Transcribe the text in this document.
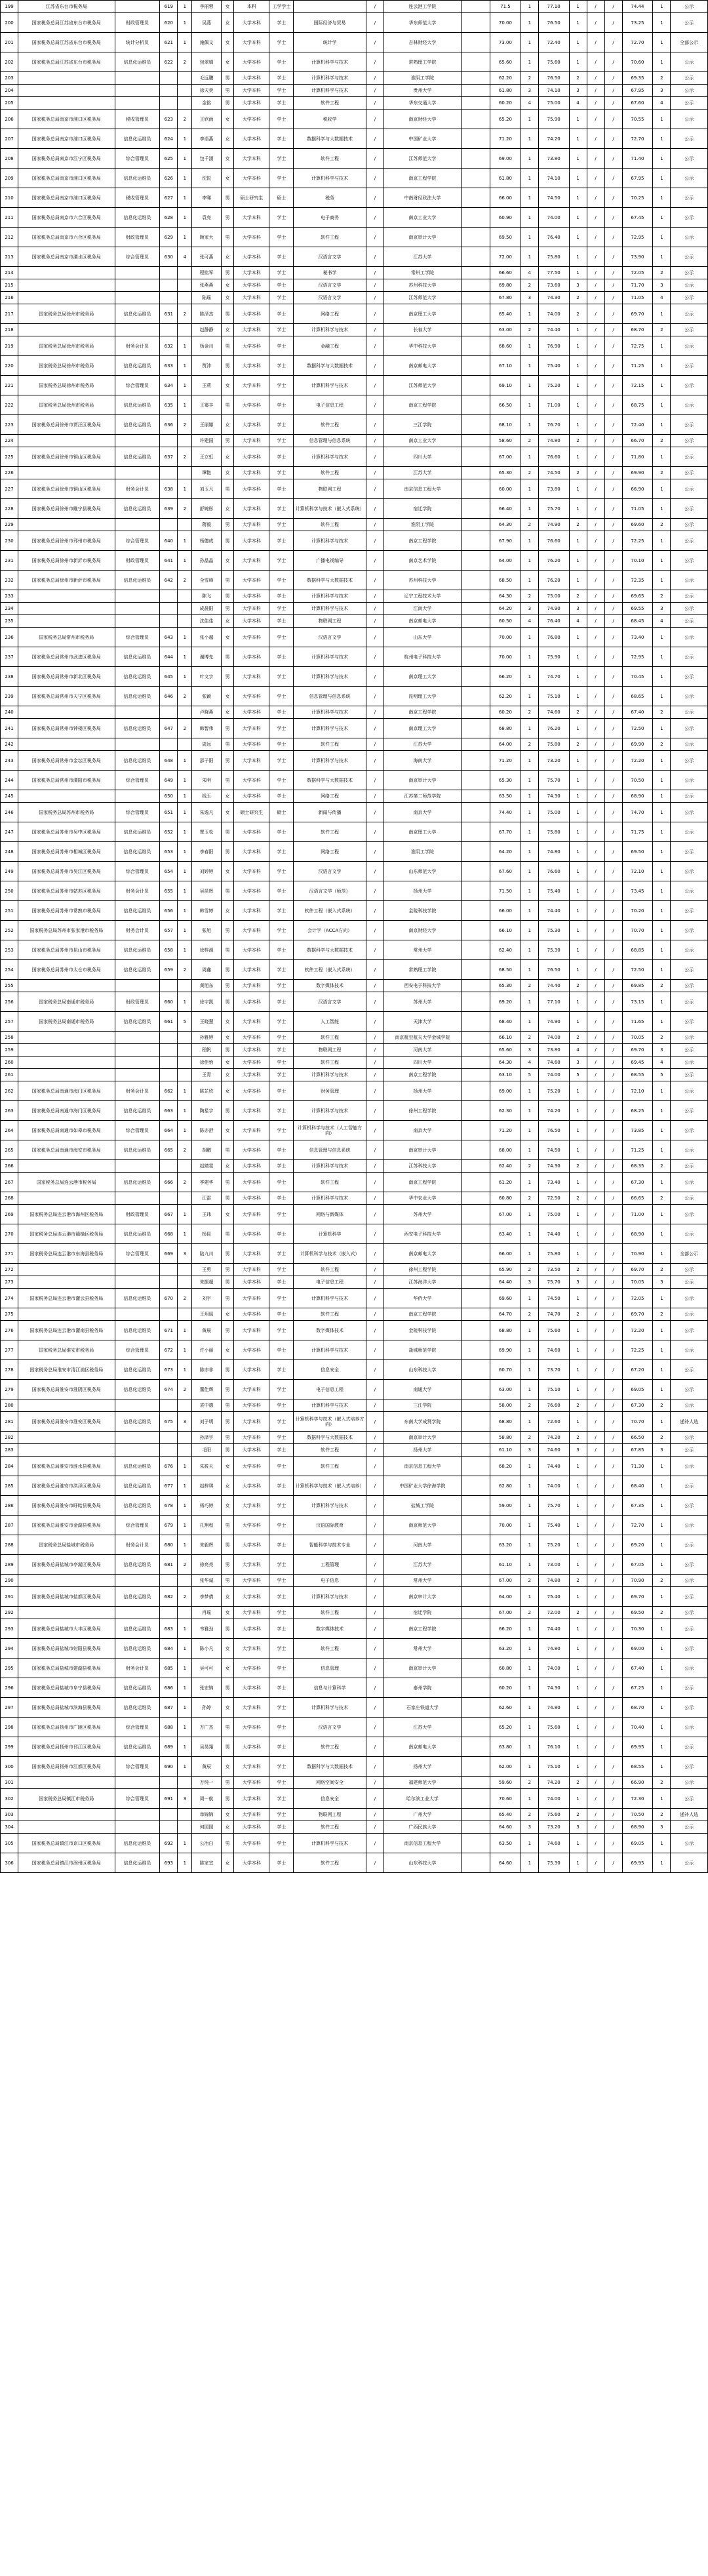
199	江苏省东台市税务局		619	1	李丽蓉	女	本科	工学学士		/	连云港工学院		71.5	1	77.10	1	/	/	74.44	1	公示
200	国家税务总局江苏省东台市税务局	财政管理员	620	1	吴燕	女	大学本科	学士	国际经济与贸易	/	华东师范大学		70.00	1	76.50	1	/	/	73.25	1	公示
201	国家税务总局江苏省东台市税务局	统计分析员	621	1	施佩文	女	大学本科	学士	统计学	/	吉林财经大学		73.00	1	72.40	1	/	/	72.70	1	全部公示
202	国家税务总局江苏省东台市税务局	信息化运维员	622	2	包翠娟	女	大学本科	学士	计算机科学与技术	/	常熟理工学院		65.60	1	75.60	1	/	/	70.60	1	公示
203					毛远鹏	男	大学本科	学士	计算机科学与技术	/	淮阴工学院		62.20	2	76.50	2	/	/	69.35	2	公示
204					徐天奕	男	大学本科	学士	计算机科学与技术	/	贵州大学		61.80	3	74.10	3	/	/	67.95	3	公示
205					金铭	男	大学本科	学士	软件工程	/	华东交通大学		60.20	4	75.00	4	/	/	67.60	4	公示
206	国家税务总局南京市浦口区税务局	税收管理员	623	2	王欣雨	女	大学本科	学士	税收学	/	南京财经大学		65.20	1	75.90	1	/	/	70.55	1	公示
207	国家税务总局南京市浦口区税务局	信息化运维员	624	1	李语燕	女	大学本科	学士	数据科学与大数据技术	/	中国矿业大学		71.20	1	74.20	1	/	/	72.70	1	公示
208	国家税务总局南京市江宁区税务局	综合管理员	625	1	包千涵	女	大学本科	学士	软件工程	/	江苏师范大学		69.00	1	73.80	1	/	/	71.40	1	公示
209	国家税务总局南京市浦口区税务局	信息化运维员	626	1	沈悦	女	大学本科	学士	计算机科学与技术	/	南京工程学院		61.80	1	74.10	1	/	/	67.95	1	公示
210	国家税务总局南京市浦口区税务局	税收管理员	627	1	李骞	男	硕士研究生	硕士	税务	/	中南财经政法大学		66.00	1	74.50	1	/	/	70.25	1	公示
211	国家税务总局南京市六合区税务局	信息化运维员	628	1	袁亮	男	大学本科	学士	电子商务	/	南京工业大学		60.90	1	74.00	1	/	/	67.45	1	公示
212	国家税务总局南京市六合区税务局	财政管理员	629	1	顾家大	男	大学本科	学士	软件工程	/	南京审计大学		69.50	1	76.40	1	/	/	72.95	1	公示
213	国家税务总局南京市溧水区税务局	综合管理员	630	4	张可燕	女	大学本科	学士	汉语言文学	/	江苏大学		72.00	1	75.80	1	/	/	73.90	1	公示
214					程铭军	男	大学本科	学士	秘书学	/	常州工学院		66.60	4	77.50	1	/	/	72.05	2	公示
215					张燕燕	女	大学本科	学士	汉语言文学	/	苏州科技大学		69.80	2	73.60	3	/	/	71.70	3	公示
216					陆瑶	女	大学本科	学士	汉语言文学	/	江苏师范大学		67.80	3	74.30	2	/	/	71.05	4	公示
217	国家税务总局徐州市税务局	信息化运维员	631	2	陈泽杰	男	大学本科	学士	网络工程	/	南京理工大学		65.40	1	74.00	2	/	/	69.70	1	公示
218					赵静静	女	大学本科	学士	计算机科学与技术	/	长春大学		63.00	2	74.40	1	/	/	68.70	2	公示
219	国家税务总局徐州市税务局	财务会计员	632	1	杨金川	男	大学本科	学士	金融工程	/	华中科技大学		68.60	1	76.90	1	/	/	72.75	1	公示
220	国家税务总局徐州市税务局	信息化运维员	633	1	贾沛	男	大学本科	学士	数据科学与大数据技术	/	南京邮电大学		67.10	1	75.40	1	/	/	71.25	1	公示
221	国家税务总局徐州市税务局	综合管理员	634	1	王莉	女	大学本科	学士	计算机科学与技术	/	江苏师范大学		69.10	1	75.20	1	/	/	72.15	1	公示
222	国家税务总局徐州市税务局	信息化运维员	635	1	王骞丰	男	大学本科	学士	电子信息工程	/	南京工程学院		66.50	1	71.00	1	/	/	68.75	1	公示
223	国家税务总局徐州市贾汪区税务局	信息化运维员	636	2	王丽娜	女	大学本科	学士	软件工程	/	三江学院		68.10	1	76.70	1	/	/	72.40	1	公示
224					许建国	男	大学本科	学士	信息管理与信息系统	/	南京工业大学		58.60	2	74.80	2	/	/	66.70	2	公示
225	国家税务总局徐州市铜山区税务局	信息化运维员	637	2	王立虹	女	大学本科	学士	计算机科学与技术	/	四川大学		67.00	1	76.60	1	/	/	71.80	1	公示
226					谭艳	女	大学本科	学士	软件工程	/	江苏大学		65.30	2	74.50	2	/	/	69.90	2	公示
227	国家税务总局徐州市铜山区税务局	财务会计员	638	1	刘玉凡	男	大学本科	学士	物联网工程	/	南京信息工程大学		60.00	1	73.80	1	/	/	66.90	1	公示
228	国家税务总局徐州市睢宁县税务局	信息化运维员	639	2	舒婉彤	女	大学本科	学士	计算机科学与技术（嵌入式系统）	/	宿迁学院		66.40	1	75.70	1	/	/	71.05	1	公示
229					蒋毅	男	大学本科	学士	软件工程	/	淮阴工学院		64.30	2	74.90	2	/	/	69.60	2	公示
230	国家税务总局徐州市邳州市税务局	综合管理员	640	1	杨德成	男	大学本科	学士	计算机科学与技术	/	南京工程学院		67.90	1	76.60	1	/	/	72.25	1	公示
231	国家税务总局徐州市新沂市税务局	财政管理员	641	1	孙晶晶	女	大学本科	学士	广播电视编导	/	南京艺术学院		64.00	1	76.20	1	/	/	70.10	1	公示
232	国家税务总局徐州市新沂市税务局	信息化运维员	642	2	全雪峰	男	大学本科	学士	数据科学与大数据技术	/	苏州科技大学		68.50	1	76.20	1	/	/	72.35	1	公示
233					陈飞	男	大学本科	学士	计算机科学与技术	/	辽宁工程技术大学		64.30	2	75.00	2	/	/	69.65	2	公示
234					成晨阳	男	大学本科	学士	计算机科学与技术	/	江南大学		64.20	3	74.90	3	/	/	69.55	3	公示
235					沈佳佳	女	大学本科	学士	物联网工程	/	南京邮电大学		60.50	4	76.40	4	/	/	68.45	4	公示
236	国家税务总局常州市税务局	综合管理员	643	1	张小越	女	大学本科	学士	汉语言文学	/	山东大学		70.00	1	76.80	1	/	/	73.40	1	公示
237	国家税务总局常州市武进区税务局	信息化运维员	644	1	谢博先	男	大学本科	学士	计算机科学与技术	/	杭州电子科技大学		70.00	1	75.90	1	/	/	72.95	1	公示
238	国家税务总局常州市新北区税务局	信息化运维员	645	1	叶文宇	男	大学本科	学士	计算机科学与技术	/	南京理工大学		66.20	1	74.70	1	/	/	70.45	1	公示
239	国家税务总局常州市天宁区税务局	信息化运维员	646	2	张颖	女	大学本科	学士	信息管理与信息系统	/	昆明理工大学		62.20	1	75.10	1	/	/	68.65	1	公示
240					卢晓燕	女	大学本科	学士	计算机科学与技术	/	南京工程学院		60.20	2	74.60	2	/	/	67.40	2	公示
241	国家税务总局常州市钟楼区税务局	信息化运维员	647	2	韩智伟	男	大学本科	学士	计算机科学与技术	/	南京理工大学		68.80	1	76.20	1	/	/	72.50	1	公示
242					周远	男	大学本科	学士	软件工程	/	江苏大学		64.00	2	75.80	2	/	/	69.90	2	公示
243	国家税务总局常州市金坛区税务局	信息化运维员	648	1	邵子阳	男	大学本科	学士	计算机科学与技术	/	海南大学		71.20	1	73.20	1	/	/	72.20	1	公示
244	国家税务总局常州市溧阳市税务局	综合管理员	649	1	朱明	男	大学本科	学士	数据科学与大数据技术	/	南京审计大学		65.30	1	75.70	1	/	/	70.50	1	公示
245			650	1	钱玉	女	大学本科	学士	网络工程	/	江苏第二师范学院		63.50	1	74.30	1	/	/	68.90	1	公示
246	国家税务总局苏州市税务局	综合管理员	651	1	朱逸凡	女	硕士研究生	硕士	新闻与传播	/	南京大学		74.40	1	75.00	1	/	/	74.70	1	公示
247	国家税务总局苏州市吴中区税务局	信息化运维员	652	1	覃玉松	男	大学本科	学士	软件工程	/	南京理工大学		67.70	1	75.80	1	/	/	71.75	1	公示
248	国家税务总局苏州市相城区税务局	信息化运维员	653	1	李春阳	男	大学本科	学士	网络工程	/	淮阴工学院		64.20	1	74.80	1	/	/	69.50	1	公示
249	国家税务总局苏州市吴江区税务局	综合管理员	654	1	刘婷婷	女	大学本科	学士	汉语言文学	/	山东师范大学		67.60	1	76.60	1	/	/	72.10	1	公示
250	国家税务总局苏州市姑苏区税务局	财务会计员	655	1	吴昆辉	男	大学本科	学士	汉语言文学（师范）	/	扬州大学		71.50	1	75.40	1	/	/	73.45	1	公示
251	国家税务总局苏州市常熟市税务局	信息化运维员	656	1	韩雪婷	女	大学本科	学士	软件工程（嵌入式系统）	/	金陵科技学院		66.00	1	74.40	1	/	/	70.20	1	公示
252	国家税务总局苏州市张家港市税务局	财务会计员	657	1	张旭	男	大学本科	学士	会计学（ACCA方向）	/	南京财经大学		66.10	1	75.30	1	/	/	70.70	1	公示
253	国家税务总局苏州市昆山市税务局	信息化运维员	658	1	徐梓源	男	大学本科	学士	数据科学与大数据技术	/	常州大学		62.40	1	75.30	1	/	/	68.85	1	公示
254	国家税务总局苏州市太仓市税务局	信息化运维员	659	2	周鑫	男	大学本科	学士	软件工程（嵌入式系统）	/	常熟理工学院		68.50	1	76.50	1	/	/	72.50	1	公示
255					黄旭东	男	大学本科	学士	数字媒体技术	/	西安电子科技大学		65.30	2	74.40	2	/	/	69.85	2	公示
256	国家税务总局南通市税务局	财政管理员	660	1	徐宇凯	男	大学本科	学士	汉语言文学	/	苏州大学		69.20	1	77.10	1	/	/	73.15	1	公示
257	国家税务总局南通市税务局	信息化运维员	661	5	王晓慧	女	大学本科	学士	人工智能	/	天津大学		68.40	1	74.90	1	/	/	71.65	1	公示
258					孙雅婷	女	大学本科	学士	软件工程	/	南京航空航天大学金城学院		66.10	2	74.00	2	/	/	70.05	2	公示
259					程帆	男	大学本科	学士	物联网工程	/	河南大学		65.60	3	73.80	4	/	/	69.70	3	公示
260					徐佳怡	女	大学本科	学士	软件工程	/	四川大学		64.30	4	74.60	3	/	/	69.45	4	公示
261					王青	女	大学本科	学士	计算机科学与技术	/	南京工程学院		63.10	5	74.00	5	/	/	68.55	5	公示
262	国家税务总局南通市海门区税务局	财务会计员	662	1	陈芷欣	女	大学本科	学士	财务管理	/	扬州大学		69.00	1	75.20	1	/	/	72.10	1	公示
263	国家税务总局南通市海门区税务局	信息化运维员	663	1	陶星宇	男	大学本科	学士	计算机科学与技术	/	徐州工程学院		62.30	1	74.20	1	/	/	68.25	1	公示
264	国家税务总局南通市如皋市税务局	综合管理员	664	1	陈亦舒	女	大学本科	学士	计算机科学与技术（人工智能方向）	/	南京大学		71.20	1	76.50	1	/	/	73.85	1	公示
265	国家税务总局南通市海安市税务局	信息化运维员	665	2	胡鹏	男	大学本科	学士	信息管理与信息系统	/	南京审计大学		68.00	1	74.50	1	/	/	71.25	1	公示
266					赵婧雯	女	大学本科	学士	计算机科学与技术	/	江苏科技大学		62.40	2	74.30	2	/	/	68.35	2	公示
267	国家税务总局连云港市税务局	信息化运维员	666	2	季建华	男	大学本科	学士	软件工程	/	南京工程学院		61.20	1	73.40	1	/	/	67.30	1	公示
268					江雷	男	大学本科	学士	计算机科学与技术	/	华中农业大学		60.80	2	72.50	2	/	/	66.65	2	公示
269	国家税务总局连云港市海州区税务局	财政管理员	667	1	王玮	女	大学本科	学士	网络与新媒体	/	苏州大学		67.00	1	75.00	1	/	/	71.00	1	公示
270	国家税务总局连云港市赣榆区税务局	信息化运维员	668	1	杨昆	男	大学本科	学士	计算机科学	/	西安电子科技大学		63.40	1	74.40	1	/	/	68.90	1	公示
271	国家税务总局连云港市东海县税务局	综合管理员	669	3	陆九川	男	大学本科	学士	计算机科学与技术（嵌入式）	/	南京邮电大学		66.00	1	75.80	1	/	/	70.90	1	全部公示
272					王勇	男	大学本科	学士	软件工程	/	徐州工程学院		65.90	2	73.50	2	/	/	69.70	2	公示
273					朱振超	男	大学本科	学士	电子信息工程	/	江苏海洋大学		64.40	3	75.70	3	/	/	70.05	3	公示
274	国家税务总局连云港市灌云县税务局	信息化运维员	670	2	刘宇	男	大学本科	学士	计算机科学与技术	/	华侨大学		69.60	1	74.50	1	/	/	72.05	1	公示
275					王玥瑶	女	大学本科	学士	软件工程	/	南京工程学院		64.70	2	74.70	2	/	/	69.70	2	公示
276	国家税务总局连云港市灌南县税务局	信息化运维员	671	1	黄晨	男	大学本科	学士	数字媒体技术	/	金陵科技学院		68.80	1	75.60	1	/	/	72.20	1	公示
277	国家税务总局淮安市税务局	综合管理员	672	1	许小丽	女	大学本科	学士	计算机科学与技术	/	盐城师范学院		69.90	1	74.60	1	/	/	72.25	1	公示
278	国家税务总局淮安市清江浦区税务局	信息化运维员	673	1	陈亦非	男	大学本科	学士	信息安全	/	山东科技大学		60.70	1	73.70	1	/	/	67.20	1	公示
279	国家税务总局淮安市淮阴区税务局	信息化运维员	674	2	董佳辉	男	大学本科	学士	电子信息工程	/	南通大学		63.00	1	75.10	1	/	/	69.05	1	公示
280					袁中德	男	大学本科	学士	计算机科学与技术	/	三江学院		58.00	2	76.60	2	/	/	67.30	2	公示
281	国家税务总局淮安市淮安区税务局	信息化运维员	675	3	刘子明	男	大学本科	学士	计算机科学与技术（嵌入式培养方向）	/	东南大学成贤学院		68.80	1	72.60	1	/	/	70.70	1	递补人选
282					孙泽宇	男	大学本科	学士	数据科学与大数据技术	/	南京审计大学		58.80	2	74.20	2	/	/	66.50	2	公示
283					毛阳	男	大学本科	学士	软件工程	/	扬州大学		61.10	3	74.60	3	/	/	67.85	3	公示
284	国家税务总局淮安市涟水县税务局	信息化运维员	676	1	朱筱天	女	大学本科	学士	软件工程	/	南京信息工程大学		68.20	1	74.40	1	/	/	71.30	1	公示
285	国家税务总局淮安市洪泽区税务局	信息化运维员	677	1	赵梓琪	女	大学本科	学士	计算机科学与技术（嵌入式培养）	/	中国矿业大学徐海学院		62.80	1	74.00	1	/	/	68.40	1	公示
286	国家税务总局淮安市盱眙县税务局	信息化运维员	678	1	杨巧婷	女	大学本科	学士	计算机科学与技术	/	盐城工学院		59.00	1	75.70	1	/	/	67.35	1	公示
287	国家税务总局淮安市金湖县税务局	综合管理员	679	1	孔翔程	男	大学本科	学士	汉语国际教育	/	南京师范大学		70.00	1	75.40	1	/	/	72.70	1	公示
288	国家税务总局盐城市税务局	财务会计员	680	1	朱毅辉	男	大学本科	学士	智能科学与技术专业	/	河南大学		63.20	1	75.20	1	/	/	69.20	1	公示
289	国家税务总局盐城市亭湖区税务局	信息化运维员	681	2	徐亮亮	男	大学本科	学士	工程管理	/	江苏大学		61.10	1	73.00	1	/	/	67.05	1	公示
290					张华诚	男	大学本科	学士	电子信息	/	常州大学		67.00	2	74.80	2	/	/	70.90	2	公示
291	国家税务总局盐城市盐都区税务局	信息化运维员	682	2	李梦倩	女	大学本科	学士	计算机科学与技术	/	南京审计大学		64.00	1	75.40	1	/	/	69.70	1	公示
292					肖瑶	女	大学本科	学士	软件工程	/	宿迁学院		67.00	2	72.00	2	/	/	69.50	2	公示
293	国家税务总局盐城市大丰区税务局	信息化运维员	683	1	韦雅劲	男	大学本科	学士	数字媒体技术	/	南京工程学院		66.20	1	74.40	1	/	/	70.30	1	公示
294	国家税务总局盐城市射阳县税务局	信息化运维员	684	1	陈小凡	女	大学本科	学士	软件工程	/	常州大学		63.20	1	74.80	1	/	/	69.00	1	公示
295	国家税务总局盐城市建湖县税务局	财务会计员	685	1	吴可可	女	大学本科	学士	信息管理	/	南京审计大学		60.80	1	74.00	1	/	/	67.40	1	公示
296	国家税务总局盐城市阜宁县税务局	信息化运维员	686	1	张宏锦	男	大学本科	学士	信息与计算科学	/	泰州学院		60.20	1	74.30	1	/	/	67.25	1	公示
297	国家税务总局盐城市滨海县税务局	信息化运维员	687	1	孙婷	女	大学本科	学士	计算机科学与技术	/	石家庄铁道大学		62.60	1	74.80	1	/	/	68.70	1	公示
298	国家税务总局扬州市广陵区税务局	综合管理员	688	1	万广杰	男	大学本科	学士	汉语言文学	/	江苏大学		65.20	1	75.60	1	/	/	70.40	1	公示
299	国家税务总局扬州市邗江区税务局	信息化运维员	689	1	吴昊翔	男	大学本科	学士	软件工程	/	南京邮电大学		63.80	1	76.10	1	/	/	69.95	1	公示
300	国家税务总局扬州市江都区税务局	综合管理员	690	1	黄辰	女	大学本科	学士	数据科学与大数据技术	/	扬州大学		62.00	1	75.10	1	/	/	68.55	1	公示
301					万纯一	男	大学本科	学士	网络空间安全	/	福建师范大学		59.60	2	74.20	2	/	/	66.90	2	公示
302	国家税务总局镇江市税务局	综合管理员	691	3	周一航	男	大学本科	学士	信息安全	/	哈尔滨工业大学		70.60	1	74.00	1	/	/	72.30	1	公示
303					单锦锦	女	大学本科	学士	物联网工程	/	广州大学		65.40	2	75.60	2	/	/	70.50	2	递补人选
304					何园园	女	大学本科	学士	软件工程	/	广西民族大学		64.60	3	73.20	3	/	/	68.90	3	公示
305	国家税务总局镇江市京口区税务局	信息化运维员	692	1	公冶白	男	大学本科	学士	计算机科学与技术	/	南京信息工程大学		63.50	1	74.60	1	/	/	69.05	1	公示
306	国家税务总局镇江市润州区税务局	信息化运维员	693	1	陈家宜	女	大学本科	学士	软件工程	/	山东科技大学		64.60	1	75.30	1	/	/	69.95	1	公示
